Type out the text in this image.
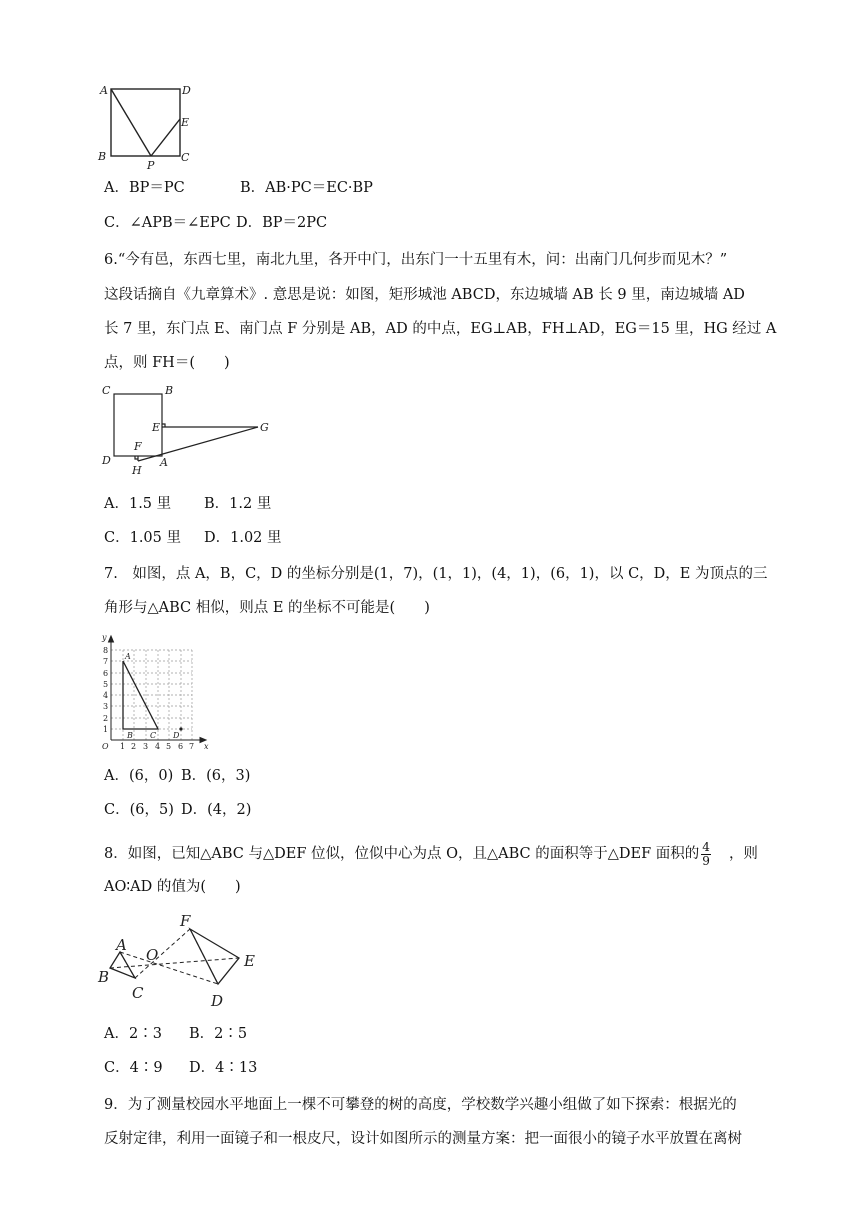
A	D
E
B
P
C
A．BP＝PC	B．AB·PC＝EC·BP
C．∠APB＝∠EPC D．BP＝2PC
6.“今有邑，东西七里，南北九里，各开中门，出东门一十五里有木，问：出南门几何步而见木？”
这段话摘自《九章算术》. 意思是说：如图，矩形城池 ABCD，东边城墙 AB 长 9 里，南边城墙 AD
长 7 里，东门点 E、南门点 F 分别是 AB，AD 的中点，EG⊥AB，FH⊥AD，EG＝15 里，HG 经过 A
点，则 FH＝(　　)
C	B
E	G
F
D	A
H
A．1.5 里 B．1.2 里
C．1.05 里 D．1.02 里
7.　如图，点 A，B，C，D 的坐标分别是(1，7)，(1，1)，(4，1)，(6，1)，以 C，D，E 为顶点的三
角形与△ABC 相似，则点 E 的坐标不可能是(　　)
y
x
O 1 2 3 4 5 6 7
1
2
3
4
5
6
7
8
A
B C D
A．(6，0) B．(6，3)
C．(6，5) D．(4，2)
8．如图，已知△ABC 与△DEF 位似，位似中心为点 O，且△ABC 的面积等于△DEF 面积的 $\frac{4}{9}$ ，则
AO∶AD 的值为(　　)
A
B
C
O
F
E
D
A．2∶3 B．2∶5
C．4∶9 D．4∶13
9．为了测量校园水平地面上一棵不可攀登的树的高度，学校数学兴趣小组做了如下探索：根据光的
反射定律，利用一面镜子和一根皮尺，设计如图所示的测量方案：把一面很小的镜子水平放置在离树
